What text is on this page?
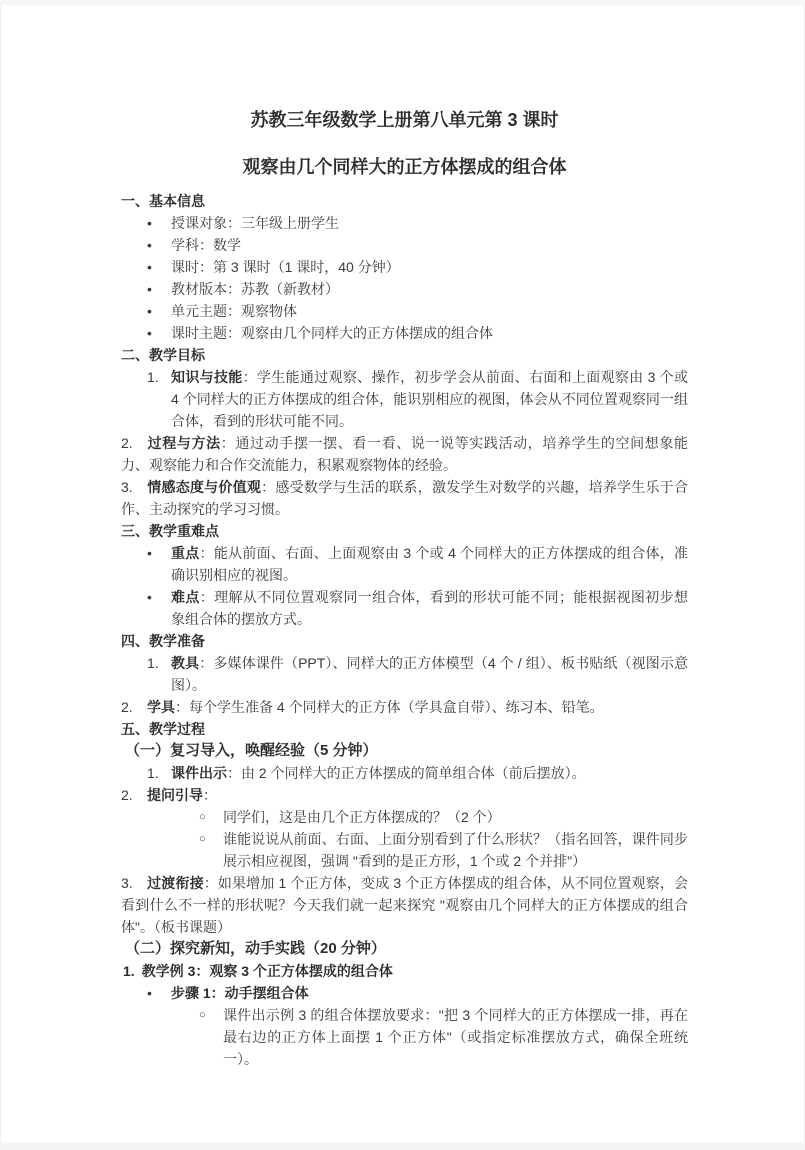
苏教三年级数学上册第八单元第 3 课时
观察由几个同样大的正方体摆成的组合体
一、基本信息
• 授课对象：三年级上册学生
• 学科：数学
• 课时：第 3 课时（1 课时，40 分钟）
• 教材版本：苏教（新教材）
• 单元主题：观察物体
• 课时主题：观察由几个同样大的正方体摆成的组合体
二、教学目标
1. 知识与技能：学生能通过观察、操作，初步学会从前面、右面和上面观察由 3 个或 4 个同样大的正方体摆成的组合体，能识别相应的视图，体会从不同位置观察同一组合体，看到的形状可能不同。
2. 过程与方法：通过动手摆一摆、看一看、说一说等实践活动，培养学生的空间想象能力、观察能力和合作交流能力，积累观察物体的经验。
3. 情感态度与价值观：感受数学与生活的联系，激发学生对数学的兴趣，培养学生乐于合作、主动探究的学习习惯。
三、教学重难点
• 重点：能从前面、右面、上面观察由 3 个或 4 个同样大的正方体摆成的组合体，准确识别相应的视图。
• 难点：理解从不同位置观察同一组合体，看到的形状可能不同；能根据视图初步想象组合体的摆放方式。
四、教学准备
1. 教具：多媒体课件（PPT）、同样大的正方体模型（4 个 / 组）、板书贴纸（视图示意图）。
2. 学具：每个学生准备 4 个同样大的正方体（学具盒自带）、练习本、铅笔。
五、教学过程
（一）复习导入，唤醒经验（5 分钟）
1. 课件出示：由 2 个同样大的正方体摆成的简单组合体（前后摆放）。
2. 提问引导：
○ 同学们，这是由几个正方体摆成的？（2 个）
○ 谁能说说从前面、右面、上面分别看到了什么形状？（指名回答，课件同步展示相应视图，强调 "看到的是正方形，1 个或 2 个并排"）
3. 过渡衔接：如果增加 1 个正方体，变成 3 个正方体摆成的组合体，从不同位置观察，会看到什么不一样的形状呢？今天我们就一起来探究 "观察由几个同样大的正方体摆成的组合体"。（板书课题）
（二）探究新知，动手实践（20 分钟）
1. 教学例 3：观察 3 个正方体摆成的组合体
• 步骤 1：动手摆组合体
○ 课件出示例 3 的组合体摆放要求："把 3 个同样大的正方体摆成一排，再在最右边的正方体上面摆 1 个正方体"（或指定标准摆放方式，确保全班统一）。
